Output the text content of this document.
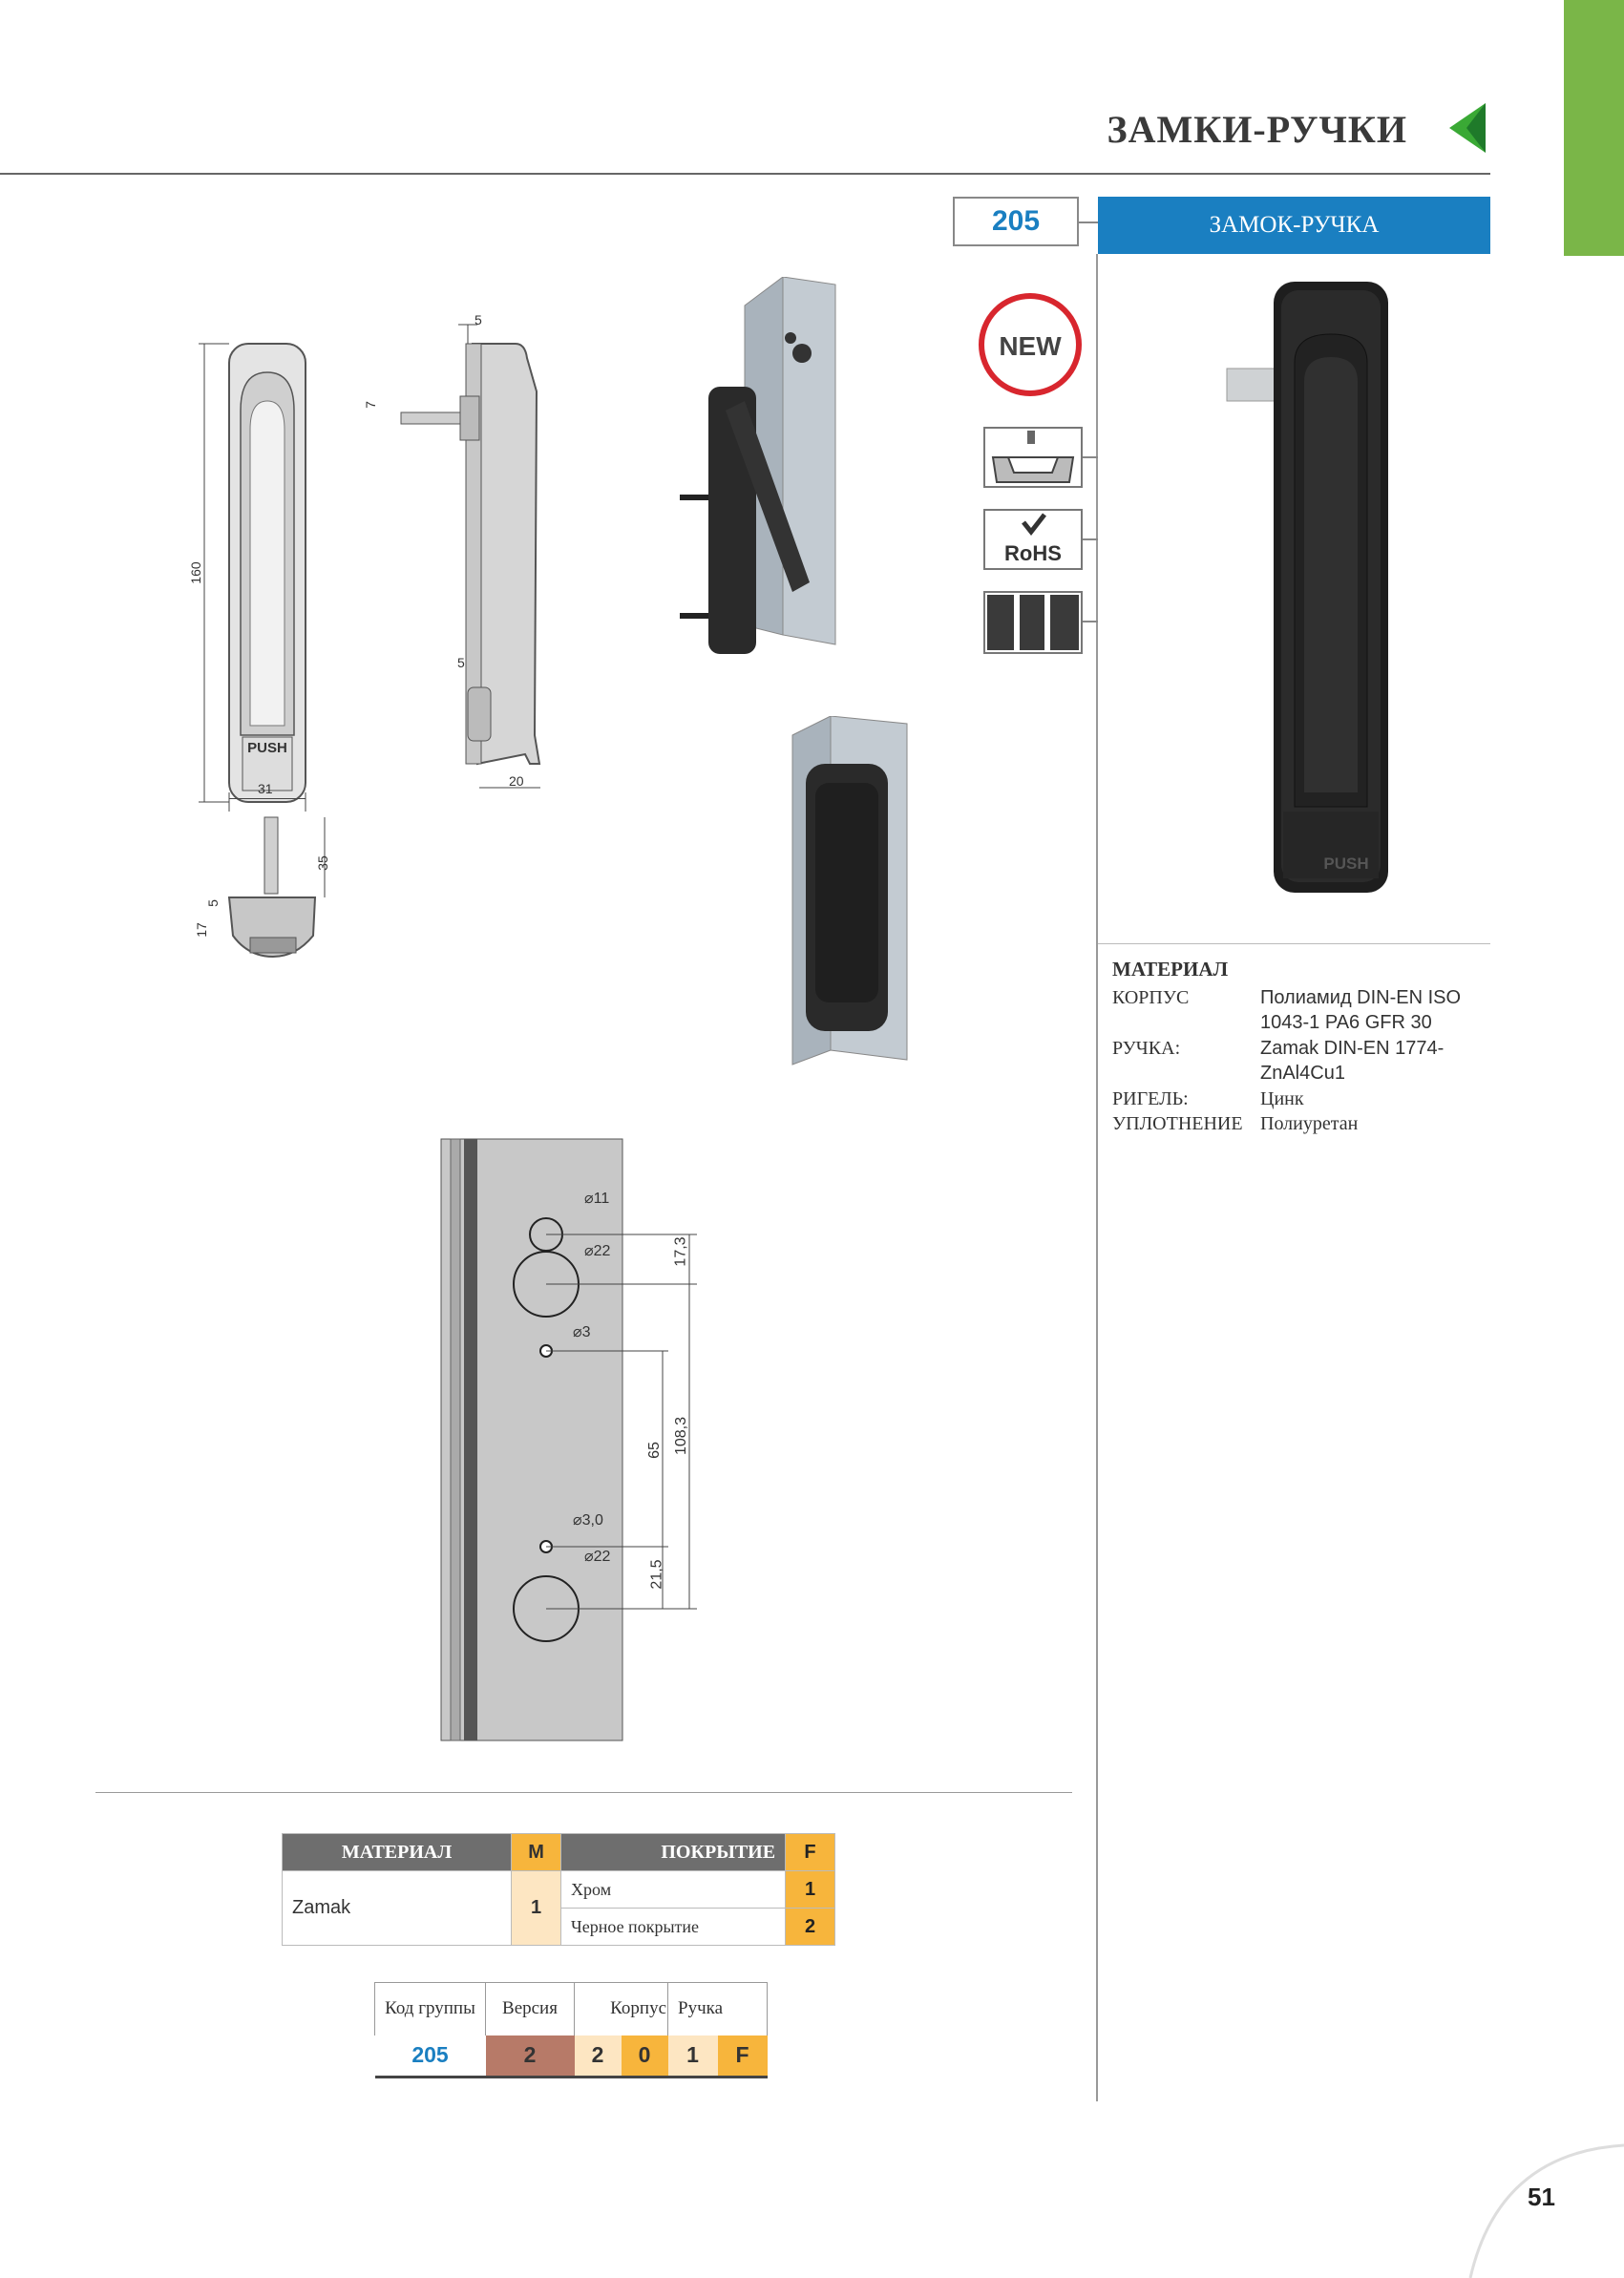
ЗАМКИ-РУЧКИ
205	ЗАМОК-РУЧКА
NEW
RoHS
PUSH
МАТЕРИАЛ
КОРПУС	Полиамид DIN-EN ISO 1043-1 PA6 GFR 30
РУЧКА:	Zamak DIN-EN 1774-ZnAl4Cu1
РИГЕЛЬ:	Цинк
УПЛОТНЕНИЕ Полиуретан
PUSH
160
31
5
7
5
20
35
17
5
⌀11
⌀22
⌀3
⌀3,0
⌀22
17,3
65 108,3
21,5
МАТЕРИАЛ	M	ПОКРЫТИЕ	F
Zamak	1	Хром	1
		Черное покрытие	2
Код группы	Версия	Корпус		Ручка	
205	2	2	0	1	F
51
